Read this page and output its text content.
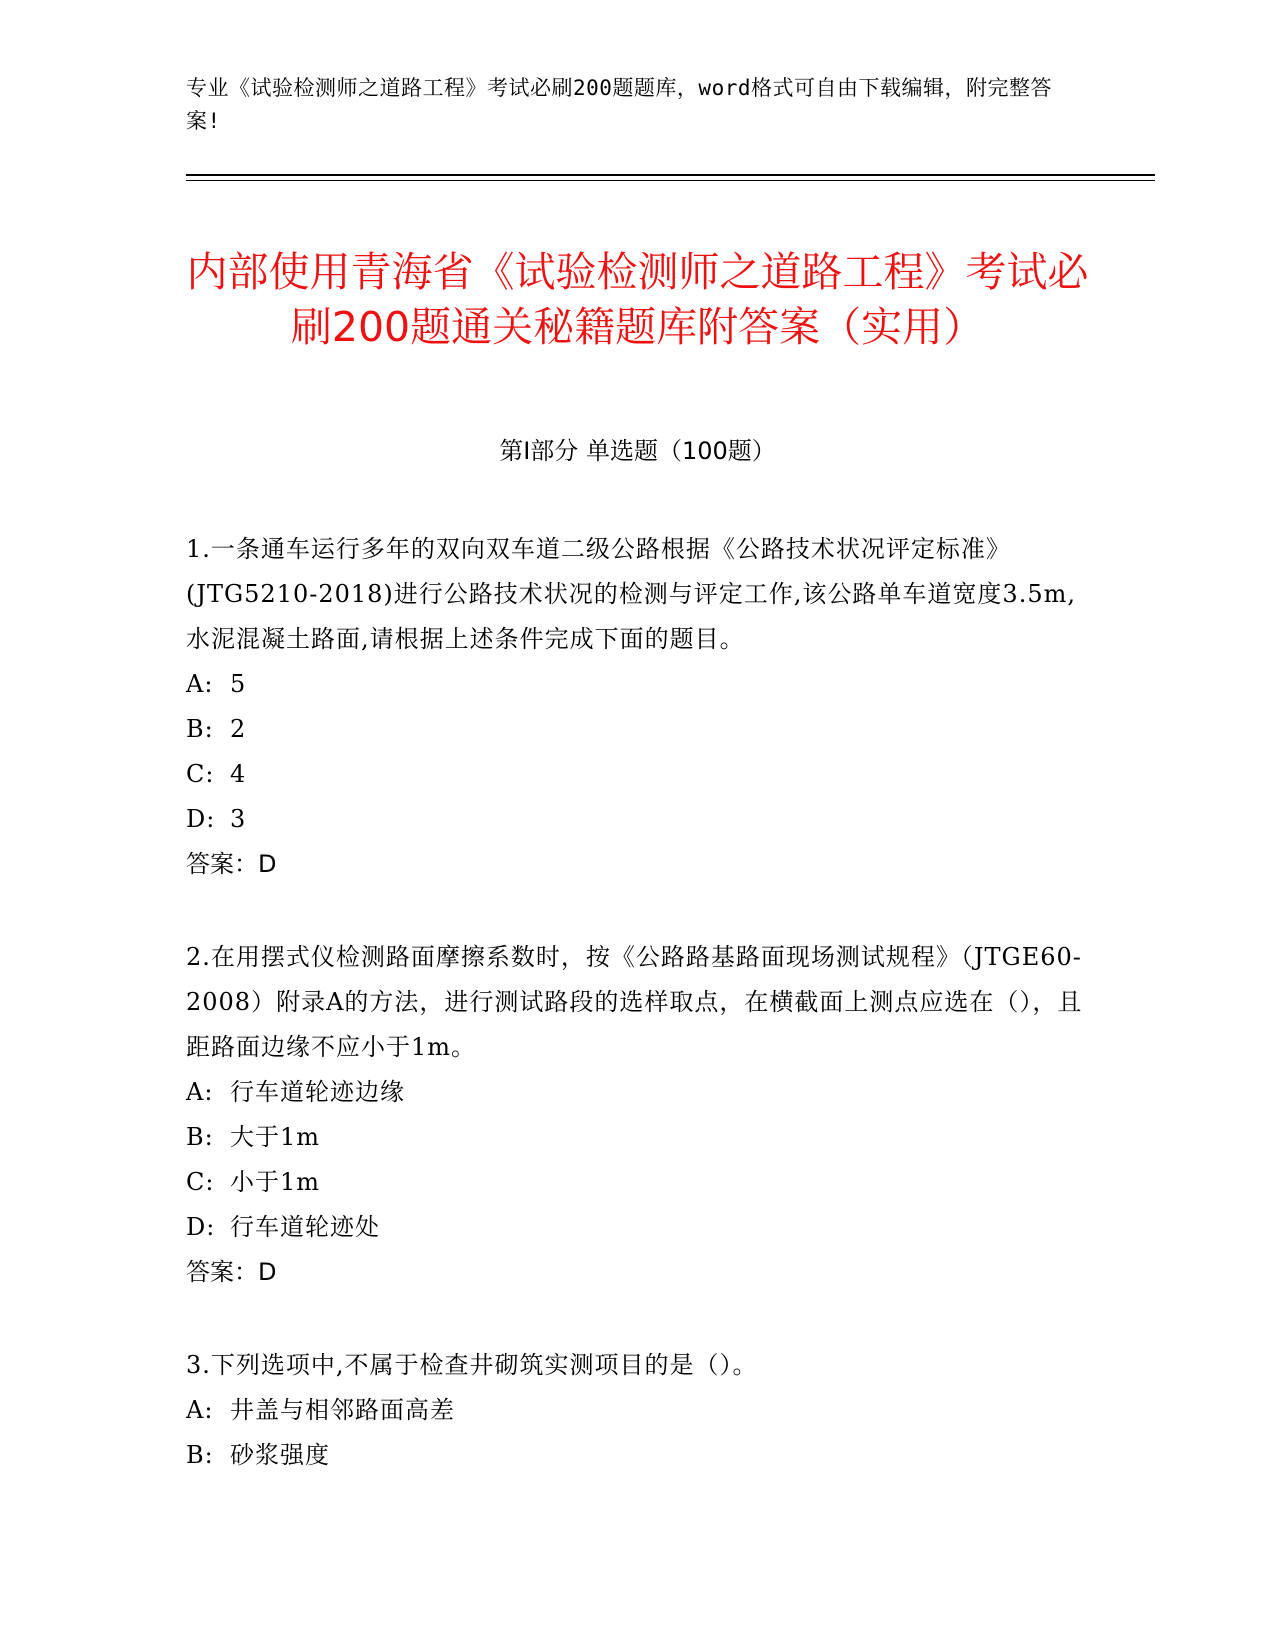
专业《试验检测师之道路工程》考试必刷200题题库，word格式可自由下载编辑，附完整答案!
内部使用青海省《试验检测师之道路工程》考试必刷200题通关秘籍题库附答案（实用）
第Ⅰ部分 单选题（100题）
1.一条通车运行多年的双向双车道二级公路根据《公路技术状况评定标准》(JTG5210-2018)进行公路技术状况的检测与评定工作,该公路单车道宽度3.5m,水泥混凝土路面,请根据上述条件完成下面的题目。
A: 5
B: 2
C: 4
D: 3
答案：D
2.在用摆式仪检测路面摩擦系数时，按《公路路基路面现场测试规程》（JTGE60-2008）附录A的方法，进行测试路段的选样取点，在横截面上测点应选在（），且距路面边缘不应小于1m。
A: 行车道轮迹边缘
B: 大于1m
C: 小于1m
D: 行车道轮迹处
答案：D
3.下列选项中,不属于检查井砌筑实测项目的是（）。
A: 井盖与相邻路面高差
B: 砂浆强度
